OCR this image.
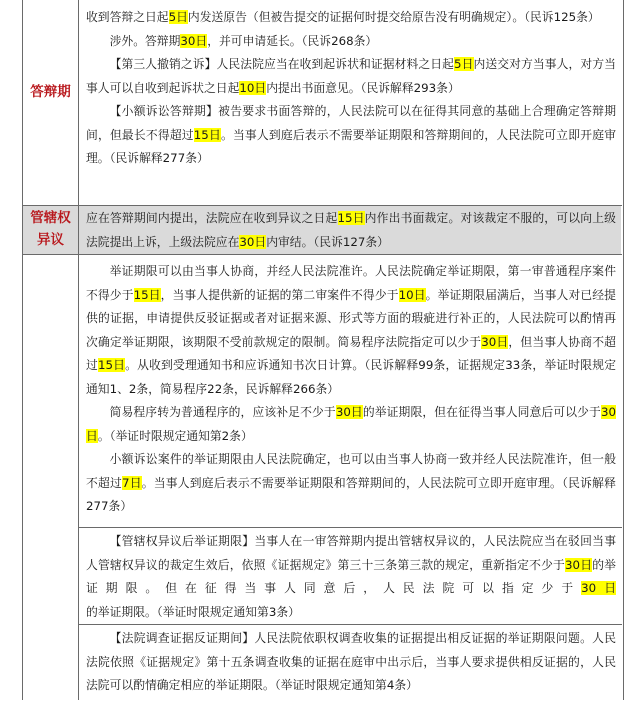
答辩期
管辖权
异议

收到答辩之日起5日内发送原告（但被告提交的证据何时提交给原告没有明确规定）。（民诉125条）

涉外。答辩期30日，并可申请延长。（民诉268条）

【第三人撤销之诉】人民法院应当在收到起诉状和证据材料之日起5日内送交对方当事人，对方当事人可以自收到起诉状之日起10日内提出书面意见。（民诉解释293条）

【小额诉讼答辩期】被告要求书面答辩的，人民法院可以在征得其同意的基础上合理确定答辩期间，但最长不得超过15日。当事人到庭后表示不需要举证期限和答辩期间的，人民法院可立即开庭审理。（民诉解释277条）

应在答辩期间内提出，法院应在收到异议之日起15日内作出书面裁定。对该裁定不服的，可以向上级法院提出上诉，上级法院应在30日内审结。（民诉127条）

举证期限可以由当事人协商，并经人民法院准许。人民法院确定举证期限，第一审普通程序案件不得少于15日，当事人提供新的证据的第二审案件不得少于10日。举证期限届满后，当事人对已经提供的证据，申请提供反驳证据或者对证据来源、形式等方面的瑕疵进行补正的，人民法院可以酌情再次确定举证期限，该期限不受前款规定的限制。简易程序法院指定可以少于30日，但当事人协商不超过15日。从收到受理通知书和应诉通知书次日计算。（民诉解释99条，证据规定33条，举证时限规定通知1、2条，简易程序22条，民诉解释266条）

简易程序转为普通程序的，应该补足不少于30日的举证期限，但在征得当事人同意后可以少于30日。（举证时限规定通知第2条）

小额诉讼案件的举证期限由人民法院确定，也可以由当事人协商一致并经人民法院准许，但一般不超过7日。当事人到庭后表示不需要举证期限和答辩期间的，人民法院可立即开庭审理。（民诉解释277条）

【管辖权异议后举证期限】当事人在一审答辩期内提出管辖权异议的，人民法院应当在驳回当事人管辖权异议的裁定生效后，依照《证据规定》第三十三条第三款的规定，重新指定不少于30日的举证期限。但在征得当事人同意后，人民法院可以指定少于30日的举证期限。（举证时限规定通知第3条）

【法院调查证据反证期间】人民法院依职权调查收集的证据提出相反证据的举证期限问题。人民法院依照《证据规定》第十五条调查收集的证据在庭审中出示后，当事人要求提供相反证据的，人民法院可以酌情确定相应的举证期限。（举证时限规定通知第4条）
